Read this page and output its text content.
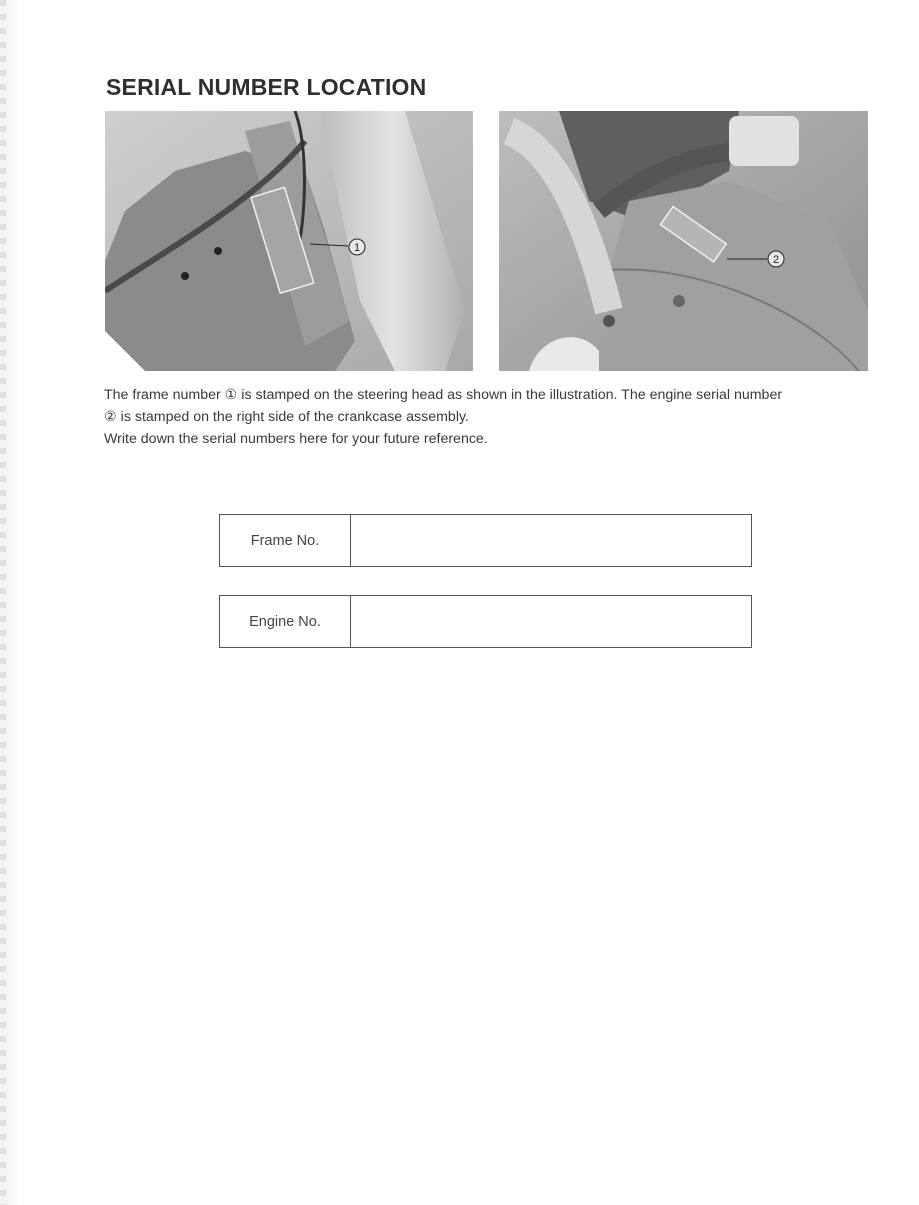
SERIAL NUMBER LOCATION
1
2

The frame number ① is stamped on the steering head as shown in the illustration. The engine serial number

② is stamped on the right side of the crankcase assembly.

Write down the serial numbers here for your future reference.

Frame No.
Engine No.
